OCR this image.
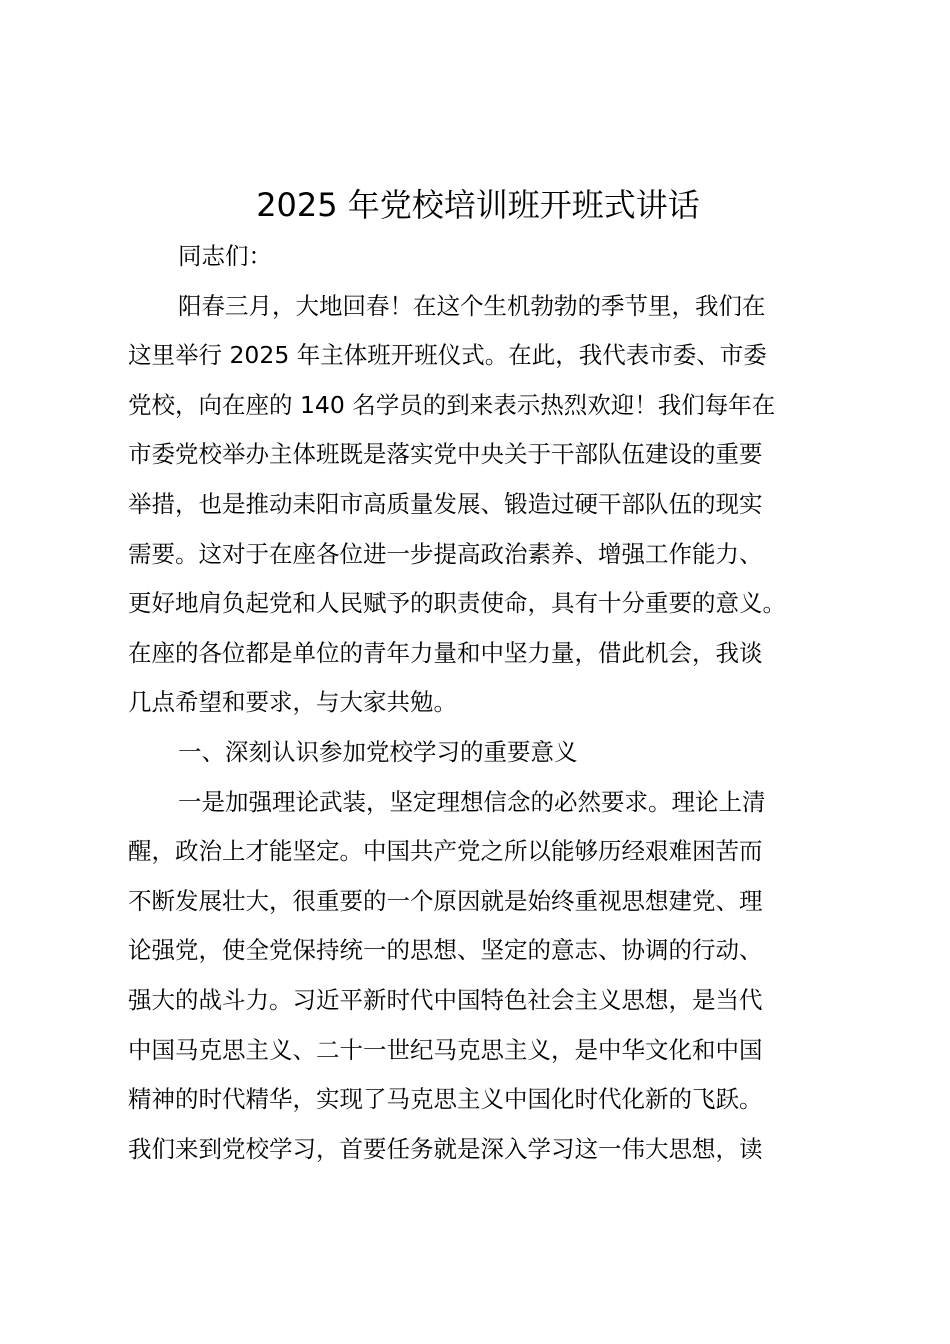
2025 年党校培训班开班式讲话
同志们：
阳春三月，大地回春！在这个生机勃勃的季节里，我们在
这里举行 2025 年主体班开班仪式。在此，我代表市委、市委
党校，向在座的 140 名学员的到来表示热烈欢迎！我们每年在
市委党校举办主体班既是落实党中央关于干部队伍建设的重要
举措，也是推动耒阳市高质量发展、锻造过硬干部队伍的现实
需要。这对于在座各位进一步提高政治素养、增强工作能力、
更好地肩负起党和人民赋予的职责使命，具有十分重要的意义。
在座的各位都是单位的青年力量和中坚力量，借此机会，我谈
几点希望和要求，与大家共勉。
一、深刻认识参加党校学习的重要意义
一是加强理论武装，坚定理想信念的必然要求。理论上清
醒，政治上才能坚定。中国共产党之所以能够历经艰难困苦而
不断发展壮大，很重要的一个原因就是始终重视思想建党、理
论强党，使全党保持统一的思想、坚定的意志、协调的行动、
强大的战斗力。习近平新时代中国特色社会主义思想，是当代
中国马克思主义、二十一世纪马克思主义，是中华文化和中国
精神的时代精华，实现了马克思主义中国化时代化新的飞跃。
我们来到党校学习，首要任务就是深入学习这一伟大思想，读
